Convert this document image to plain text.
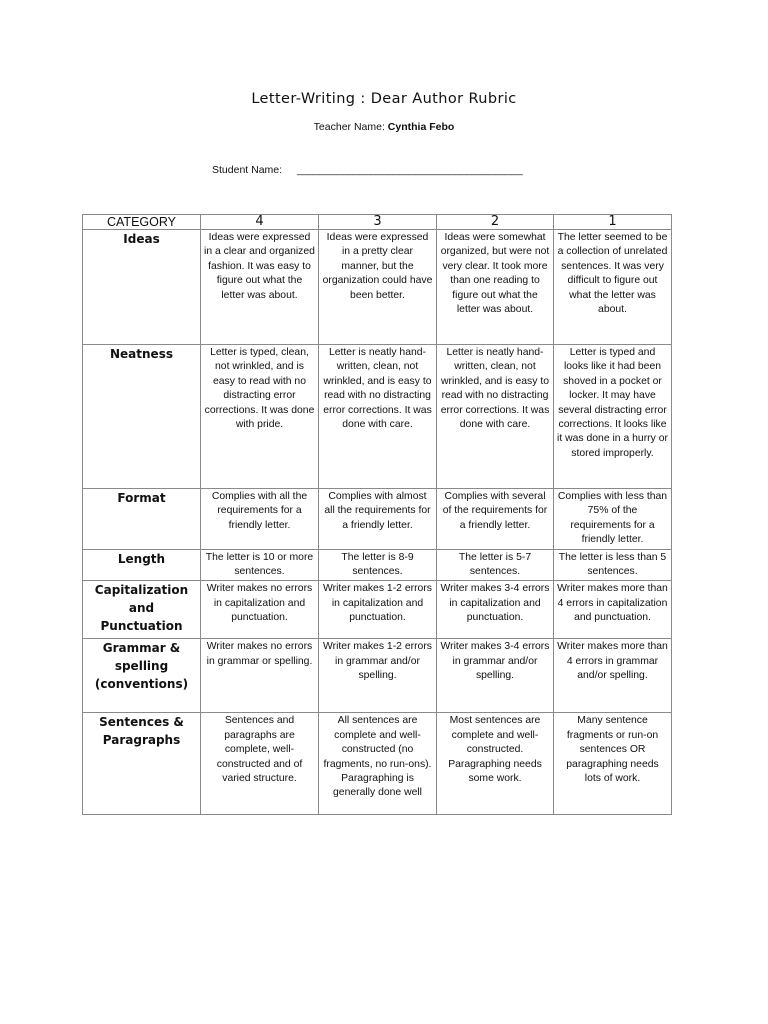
Letter-Writing : Dear Author Rubric
Teacher Name: Cynthia Febo
Student Name: ________________________________________
CATEGORY	4	3	2	1
Ideas	Ideas were expressed in a clear and organized fashion. It was easy to figure out what the letter was about.	Ideas were expressed in a pretty clear manner, but the organization could have been better.	Ideas were somewhat organized, but were not very clear. It took more than one reading to figure out what the letter was about.	The letter seemed to be a collection of unrelated sentences. It was very difficult to figure out what the letter was about.
Neatness	Letter is typed, clean, not wrinkled, and is easy to read with no distracting error corrections. It was done with pride.	Letter is neatly hand-written, clean, not wrinkled, and is easy to read with no distracting error corrections. It was done with care.	Letter is neatly hand-written, clean, not wrinkled, and is easy to read with no distracting error corrections. It was done with care.	Letter is typed and looks like it had been shoved in a pocket or locker. It may have several distracting error corrections. It looks like it was done in a hurry or stored improperly.
Format	Complies with all the requirements for a friendly letter.	Complies with almost all the requirements for a friendly letter.	Complies with several of the requirements for a friendly letter.	Complies with less than 75% of the requirements for a friendly letter.
Length	The letter is 10 or more sentences.	The letter is 8-9 sentences.	The letter is 5-7 sentences.	The letter is less than 5 sentences.
Capitalization and Punctuation	Writer makes no errors in capitalization and punctuation.	Writer makes 1-2 errors in capitalization and punctuation.	Writer makes 3-4 errors in capitalization and punctuation.	Writer makes more than 4 errors in capitalization and punctuation.
Grammar & spelling (conventions)	Writer makes no errors in grammar or spelling.	Writer makes 1-2 errors in grammar and/or spelling.	Writer makes 3-4 errors in grammar and/or spelling.	Writer makes more than 4 errors in grammar and/or spelling.
Sentences & Paragraphs	Sentences and paragraphs are complete, well-constructed and of varied structure.	All sentences are complete and well-constructed (no fragments, no run-ons). Paragraphing is generally done well	Most sentences are complete and well-constructed. Paragraphing needs some work.	Many sentence fragments or run-on sentences OR paragraphing needs lots of work.
